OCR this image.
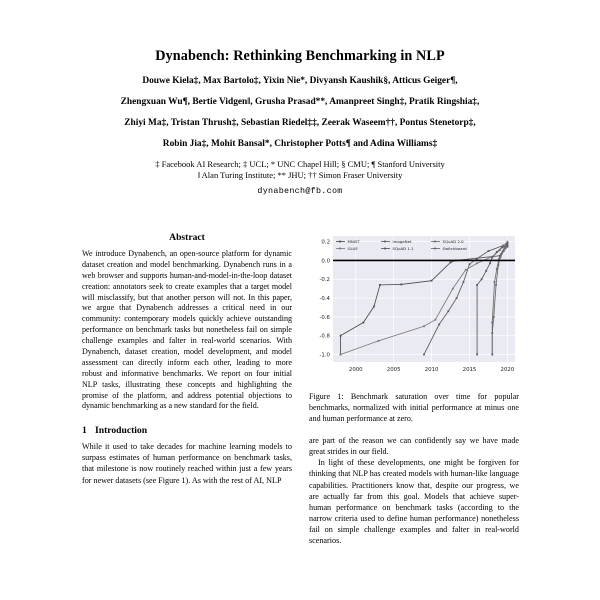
Dynabench: Rethinking Benchmarking in NLP
Douwe Kiela‡, Max Bartolo‡, Yixin Nie*, Divyansh Kaushik§, Atticus Geiger¶,
Zhengxuan Wu¶, Bertie Vidgen‖, Grusha Prasad**, Amanpreet Singh‡, Pratik Ringshia‡,
Zhiyi Ma‡, Tristan Thrush‡, Sebastian Riedel‡‡, Zeerak Waseem††, Pontus Stenetorp‡,
Robin Jia‡, Mohit Bansal*, Christopher Potts¶ and Adina Williams‡
‡ Facebook AI Research; ‡ UCL; * UNC Chapel Hill; § CMU; ¶ Stanford University
‖ Alan Turing Institute; ** JHU; †† Simon Fraser University
dynabench@fb.com
Abstract

We introduce Dynabench, an open-source platform for dynamic dataset creation and model benchmarking. Dynabench runs in a web browser and supports human-and-model-in-the-loop dataset creation: annotators seek to create examples that a target model will misclassify, but that another person will not. In this paper, we argue that Dynabench addresses a critical need in our community: contemporary models quickly achieve outstanding performance on benchmark tasks but nonetheless fail on simple challenge examples and falter in real-world scenarios. With Dynabench, dataset creation, model development, and model assessment can directly inform each other, leading to more robust and informative benchmarks. We report on four initial NLP tasks, illustrating these concepts and highlighting the promise of the platform, and address potential objections to dynamic benchmarking as a new standard for the field.

1 Introduction

While it used to take decades for machine learning models to surpass estimates of human performance on benchmark tasks, that milestone is now routinely reached within just a few years for newer datasets (see Figure 1). As with the rest of AI, NLP

0.2
0.0
-0.2
-0.4
-0.6
-0.8
-1.0
2000	2005	2010	2015	2020
MNIST	ImageNet	SQuAD 2.0
GLUE	SQuAD 1.1	Switchboard
Figure 1: Benchmark saturation over time for popular benchmarks, normalized with initial performance at minus one and human performance at zero.

are part of the reason we can confidently say we have made great strides in our field.

In light of these developments, one might be forgiven for thinking that NLP has created models with human-like language capabilities. Practitioners know that, despite our progress, we are actually far from this goal. Models that achieve super-human performance on benchmark tasks (according to the narrow criteria used to define human performance) nonetheless fail on simple challenge examples and falter in real-world scenarios.
